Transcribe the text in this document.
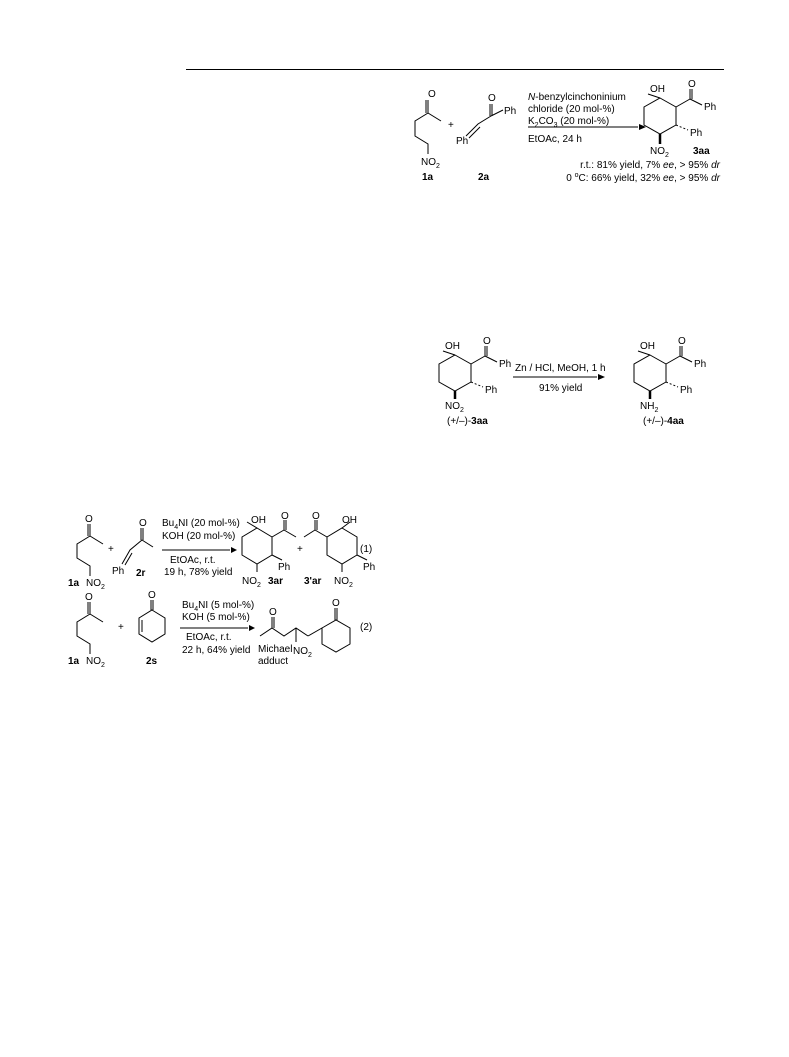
O
$NO_2$
1a
+
O
Ph
Ph
2a
N-benzylcinchoninium
chloride (20 mol-%)
$K_2CO_3$ (20 mol-%)
EtOAc, 24 h
OH O
Ph
Ph
$NO_2$ 3aa
r.t.: 81% yield, 7% ee, > 95% dr
0 $^o$C: 66% yield, 32% ee, > 95% dr
OH O
Ph
Ph
$NO_2$
(+/–)-3aa
Zn / HCl, MeOH, 1 h
91% yield
OH O
Ph
Ph
$NH_2$
(+/–)-4aa
O
1a $NO_2$
+
O
Ph 2r
$Bu_4NI$ (20 mol-%)
KOH (20 mol-%)
EtOAc, r.t.
19 h, 78% yield
OH O
Ph
$NO_2$ 3ar
+
O OH
Ph
$NO_2$
3'ar
(1)
O
1a $NO_2$
+
O
2s
$Bu_4NI$ (5 mol-%)
KOH (5 mol-%)
EtOAc, r.t.
22 h, 64% yield
O
O
$NO_2$
Michael
adduct
(2)
